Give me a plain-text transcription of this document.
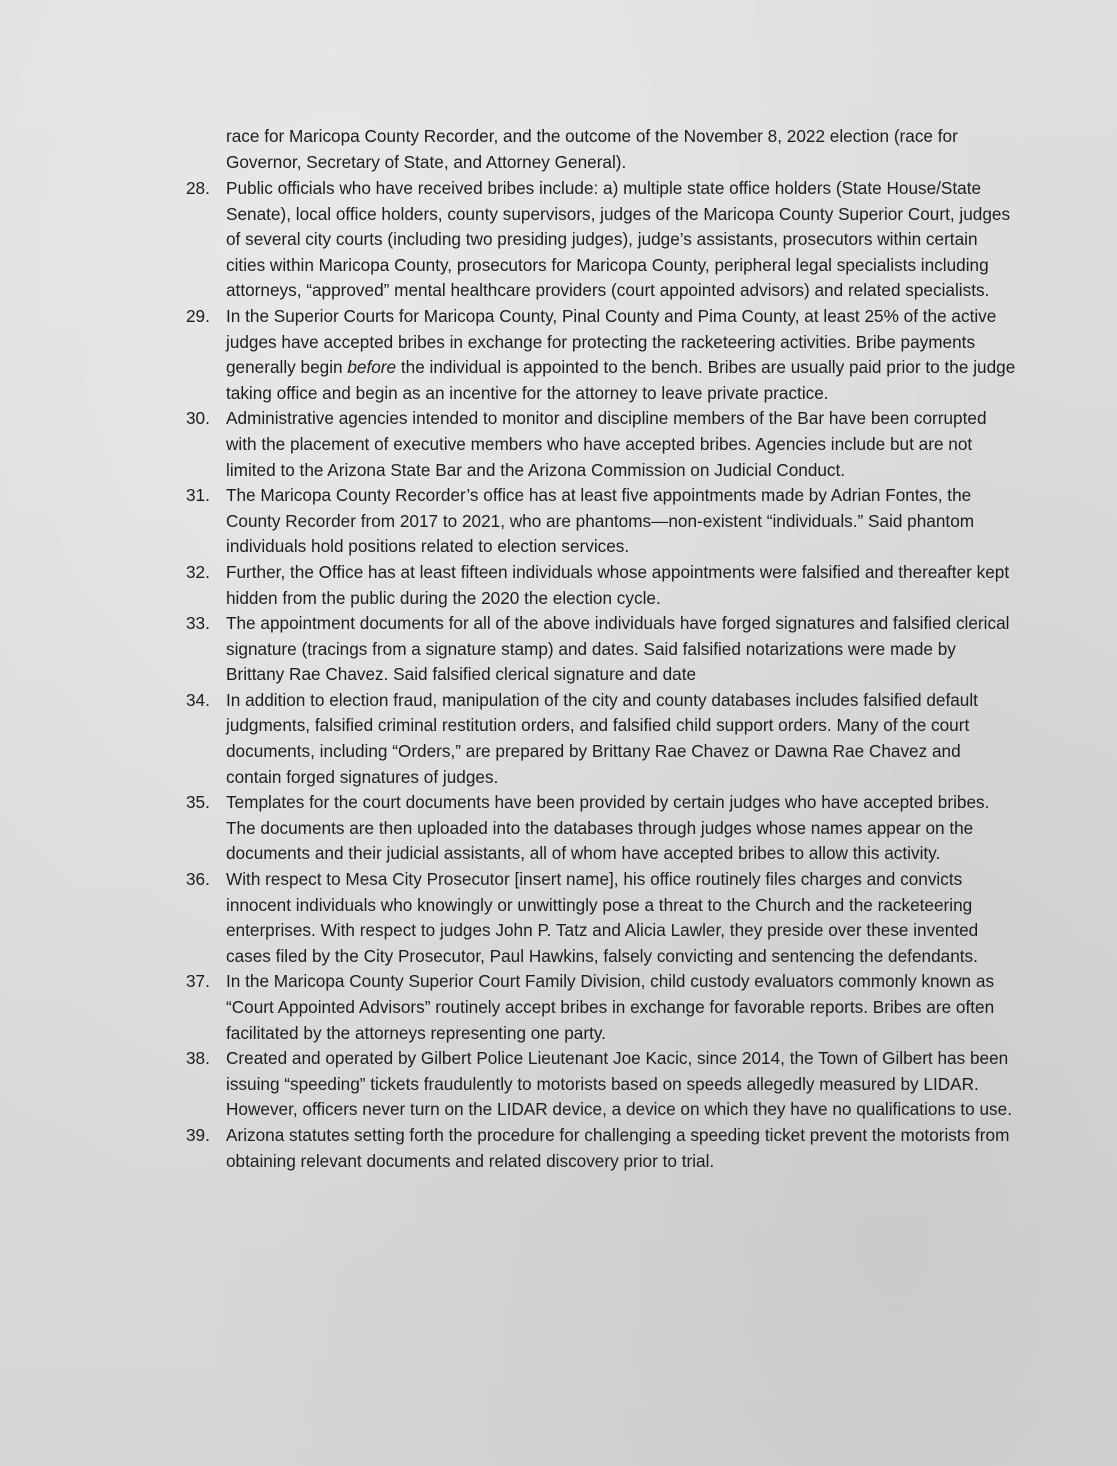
race for Maricopa County Recorder, and the outcome of the November 8, 2022 election (race for Governor, Secretary of State, and Attorney General).

28. Public officials who have received bribes include: a) multiple state office holders (State House/State Senate), local office holders, county supervisors, judges of the Maricopa County Superior Court, judges of several city courts (including two presiding judges), judge’s assistants, prosecutors within certain cities within Maricopa County, prosecutors for Maricopa County, peripheral legal specialists including attorneys, “approved” mental healthcare providers (court appointed advisors) and related specialists.
29. In the Superior Courts for Maricopa County, Pinal County and Pima County, at least 25% of the active judges have accepted bribes in exchange for protecting the racketeering activities. Bribe payments generally begin before the individual is appointed to the bench. Bribes are usually paid prior to the judge taking office and begin as an incentive for the attorney to leave private practice.
30. Administrative agencies intended to monitor and discipline members of the Bar have been corrupted with the placement of executive members who have accepted bribes. Agencies include but are not limited to the Arizona State Bar and the Arizona Commission on Judicial Conduct.
31. The Maricopa County Recorder’s office has at least five appointments made by Adrian Fontes, the County Recorder from 2017 to 2021, who are phantoms—non-existent “individuals.” Said phantom individuals hold positions related to election services.
32. Further, the Office has at least fifteen individuals whose appointments were falsified and thereafter kept hidden from the public during the 2020 the election cycle.
33. The appointment documents for all of the above individuals have forged signatures and falsified clerical signature (tracings from a signature stamp) and dates. Said falsified notarizations were made by Brittany Rae Chavez. Said falsified clerical signature and date
34. In addition to election fraud, manipulation of the city and county databases includes falsified default judgments, falsified criminal restitution orders, and falsified child support orders. Many of the court documents, including “Orders,” are prepared by Brittany Rae Chavez or Dawna Rae Chavez and contain forged signatures of judges.
35. Templates for the court documents have been provided by certain judges who have accepted bribes. The documents are then uploaded into the databases through judges whose names appear on the documents and their judicial assistants, all of whom have accepted bribes to allow this activity.
36. With respect to Mesa City Prosecutor [insert name], his office routinely files charges and convicts innocent individuals who knowingly or unwittingly pose a threat to the Church and the racketeering enterprises. With respect to judges John P. Tatz and Alicia Lawler, they preside over these invented cases filed by the City Prosecutor, Paul Hawkins, falsely convicting and sentencing the defendants.
37. In the Maricopa County Superior Court Family Division, child custody evaluators commonly known as “Court Appointed Advisors” routinely accept bribes in exchange for favorable reports. Bribes are often facilitated by the attorneys representing one party.
38. Created and operated by Gilbert Police Lieutenant Joe Kacic, since 2014, the Town of Gilbert has been issuing “speeding” tickets fraudulently to motorists based on speeds allegedly measured by LIDAR. However, officers never turn on the LIDAR device, a device on which they have no qualifications to use.
39. Arizona statutes setting forth the procedure for challenging a speeding ticket prevent the motorists from obtaining relevant documents and related discovery prior to trial.
